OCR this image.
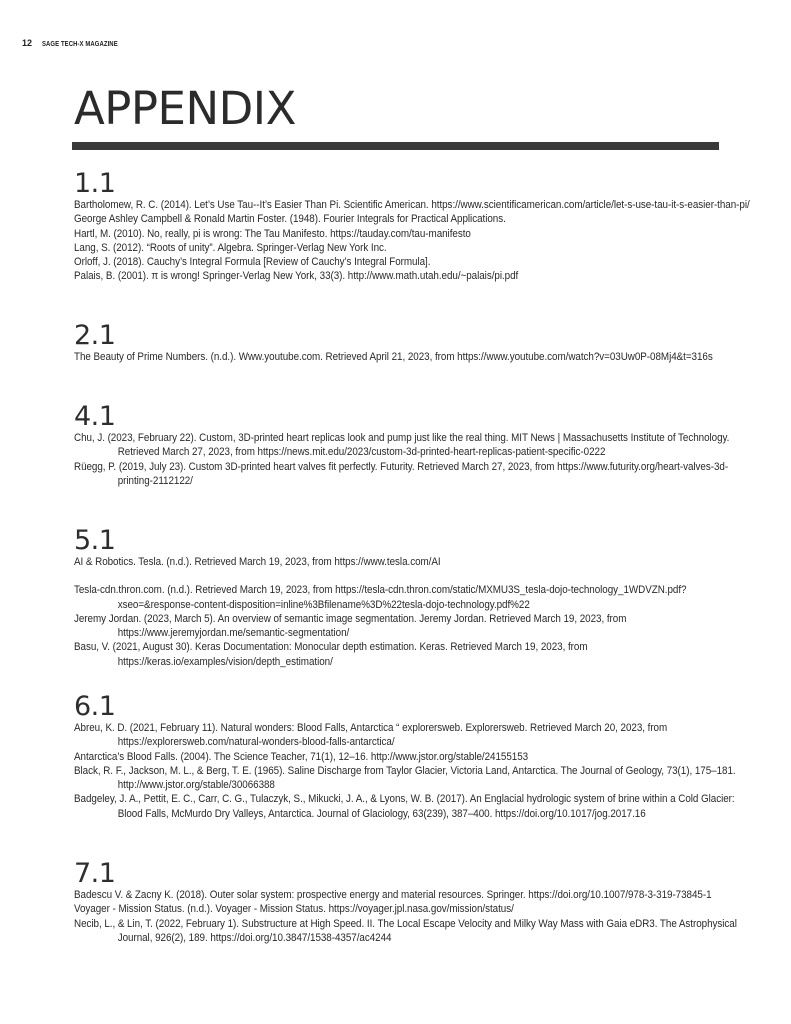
12 SAGE TECH-X MAGAZINE
APPENDIX
1.1

Bartholomew, R. C. (2014). Let’s Use Tau--It’s Easier Than Pi. Scientific American. https://www.scientificamerican.com/article/let-s-use-tau-it-s-easier-than-pi/

George Ashley Campbell & Ronald Martin Foster. (1948). Fourier Integrals for Practical Applications.

Hartl, M. (2010). No, really, pi is wrong: The Tau Manifesto. https://tauday.com/tau-manifesto

Lang, S. (2012). “Roots of unity”. Algebra. Springer-Verlag New York Inc.

Orloff, J. (2018). Cauchy’s Integral Formula [Review of Cauchy’s Integral Formula].

Palais, B. (2001). π is wrong! Springer-Verlag New York, 33(3). http://www.math.utah.edu/~palais/pi.pdf

2.1

The Beauty of Prime Numbers. (n.d.). Www.youtube.com. Retrieved April 21, 2023, from https://www.youtube.com/watch?v=03Uw0P-08Mj4&t=316s

4.1

Chu, J. (2023, February 22). Custom, 3D-printed heart replicas look and pump just like the real thing. MIT News | Massachusetts Institute of Technology. Retrieved March 27, 2023, from https://news.mit.edu/2023/custom-3d-printed-heart-replicas-patient-specific-0222

Rüegg, P. (2019, July 23). Custom 3D-printed heart valves fit perfectly. Futurity. Retrieved March 27, 2023, from https://www.futurity.org/heart-valves-3d-printing-2112122/

5.1

AI & Robotics. Tesla. (n.d.). Retrieved March 19, 2023, from https://www.tesla.com/AI

Tesla-cdn.thron.com. (n.d.). Retrieved March 19, 2023, from https://tesla-cdn.thron.com/static/MXMU3S_tesla-dojo-technology_1WDVZN.pdf?xseo=&response-content-disposition=inline%3Bfilename%3D%22tesla-dojo-technology.pdf%22

Jeremy Jordan. (2023, March 5). An overview of semantic image segmentation. Jeremy Jordan. Retrieved March 19, 2023, from https://www.jeremyjordan.me/semantic-segmentation/

Basu, V. (2021, August 30). Keras Documentation: Monocular depth estimation. Keras. Retrieved March 19, 2023, from https://keras.io/examples/vision/depth_estimation/

6.1

Abreu, K. D. (2021, February 11). Natural wonders: Blood Falls, Antarctica “ explorersweb. Explorersweb. Retrieved March 20, 2023, from https://explorersweb.com/natural-wonders-blood-falls-antarctica/

Antarctica’s Blood Falls. (2004). The Science Teacher, 71(1), 12–16. http://www.jstor.org/stable/24155153

Black, R. F., Jackson, M. L., & Berg, T. E. (1965). Saline Discharge from Taylor Glacier, Victoria Land, Antarctica. The Journal of Geology, 73(1), 175–181. http://www.jstor.org/stable/30066388

Badgeley, J. A., Pettit, E. C., Carr, C. G., Tulaczyk, S., Mikucki, J. A., & Lyons, W. B. (2017). An Englacial hydrologic system of brine within a Cold Glacier: Blood Falls, McMurdo Dry Valleys, Antarctica. Journal of Glaciology, 63(239), 387–400. https://doi.org/10.1017/jog.2017.16

7.1

Badescu V. & Zacny K. (2018). Outer solar system: prospective energy and material resources. Springer. https://doi.org/10.1007/978-3-319-73845-1

Voyager - Mission Status. (n.d.). Voyager - Mission Status. https://voyager.jpl.nasa.gov/mission/status/

Necib, L., & Lin, T. (2022, February 1). Substructure at High Speed. II. The Local Escape Velocity and Milky Way Mass with Gaia eDR3. The Astrophysical Journal, 926(2), 189. https://doi.org/10.3847/1538-4357/ac4244
